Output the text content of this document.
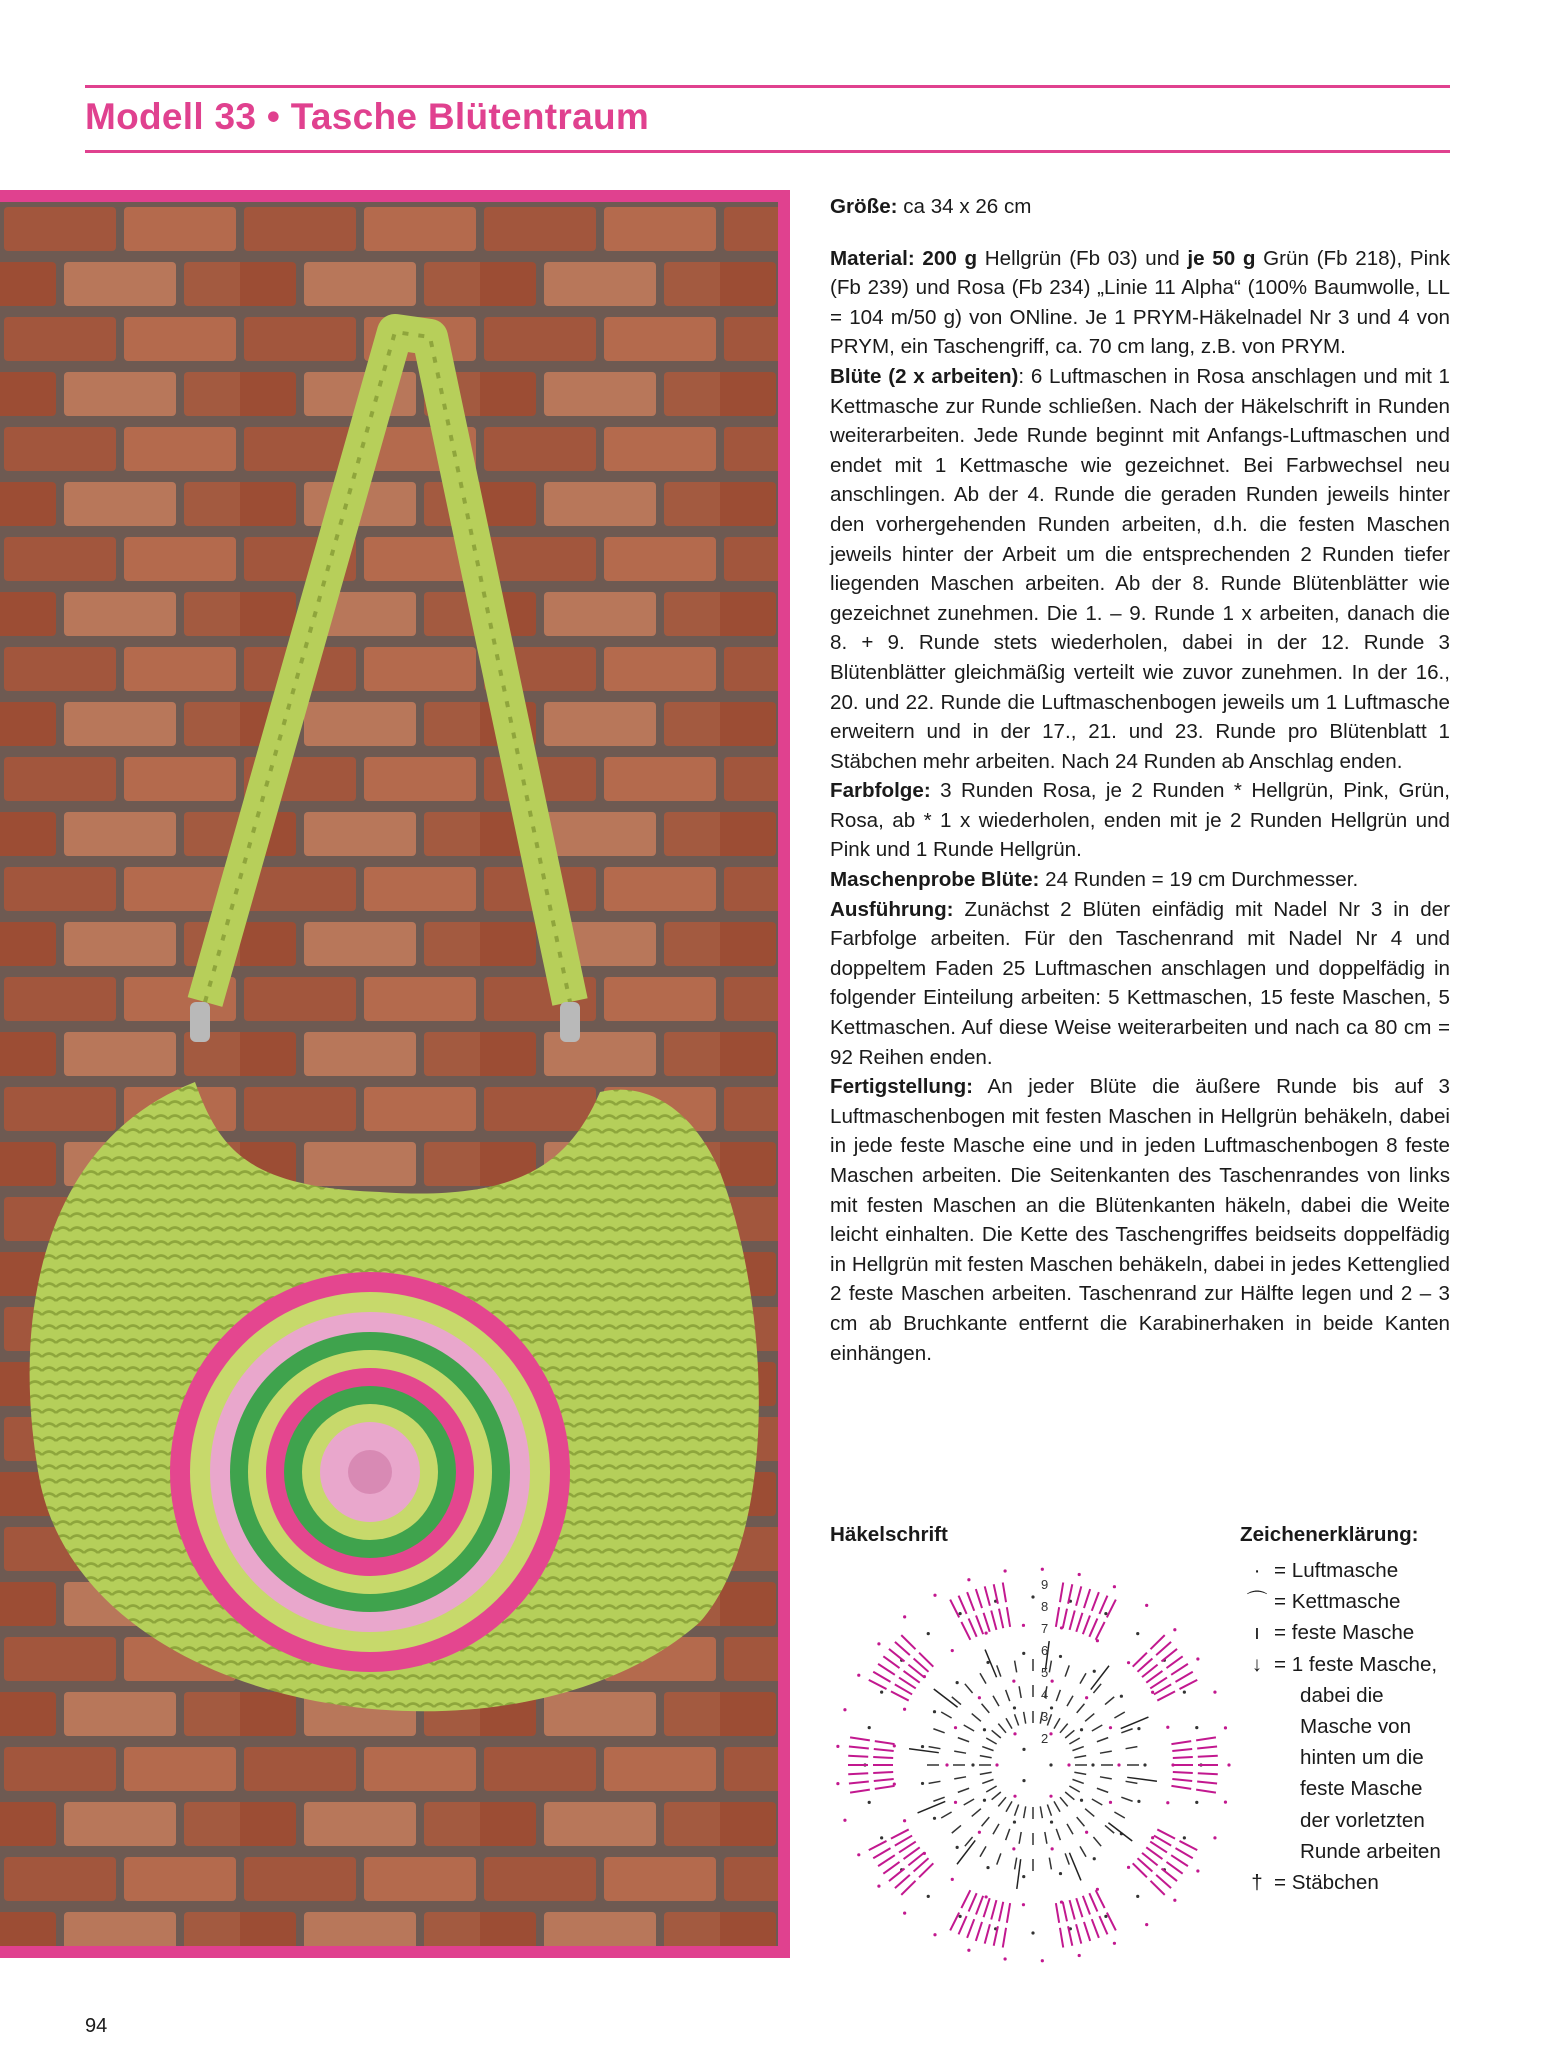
Modell 33 • Tasche Blütentraum

Größe: ca 34 x 26 cm

Material: 200 g Hellgrün (Fb 03) und je 50 g Grün (Fb 218), Pink (Fb 239) und Rosa (Fb 234) „Linie 11 Alpha“ (100% Baumwolle, LL = 104 m/50 g) von ONline. Je 1 PRYM-Häkelnadel Nr 3 und 4 von PRYM, ein Taschengriff, ca. 70 cm lang, z.B. von PRYM.

Blüte (2 x arbeiten): 6 Luftmaschen in Rosa anschlagen und mit 1 Kettmasche zur Runde schließen. Nach der Häkelschrift in Runden weiterarbeiten. Jede Runde beginnt mit Anfangs-Luftmaschen und endet mit 1 Kettmasche wie gezeichnet. Bei Farbwechsel neu anschlingen. Ab der 4. Runde die geraden Runden jeweils hinter den vorhergehenden Runden arbeiten, d.h. die festen Maschen jeweils hinter der Arbeit um die entsprechenden 2 Runden tiefer liegenden Maschen arbeiten. Ab der 8. Runde Blütenblätter wie gezeichnet zunehmen. Die 1. – 9. Runde 1 x arbeiten, danach die 8. + 9. Runde stets wiederholen, dabei in der 12. Runde 3 Blütenblätter gleichmäßig verteilt wie zuvor zunehmen. In der 16., 20. und 22. Runde die Luftmaschenbogen jeweils um 1 Luftmasche erweitern und in der 17., 21. und 23. Runde pro Blütenblatt 1 Stäbchen mehr arbeiten. Nach 24 Runden ab Anschlag enden.

Farbfolge: 3 Runden Rosa, je 2 Runden * Hellgrün, Pink, Grün, Rosa, ab * 1 x wiederholen, enden mit je 2 Runden Hellgrün und Pink und 1 Runde Hellgrün.

Maschenprobe Blüte: 24 Runden = 19 cm Durchmesser.

Ausführung: Zunächst 2 Blüten einfädig mit Nadel Nr 3 in der Farbfolge arbeiten. Für den Taschenrand mit Nadel Nr 4 und doppeltem Faden 25 Luftmaschen anschlagen und doppelfädig in folgender Einteilung arbeiten: 5 Kettmaschen, 15 feste Maschen, 5 Kettmaschen. Auf diese Weise weiterarbeiten und nach ca 80 cm = 92 Reihen enden.

Fertigstellung: An jeder Blüte die äußere Runde bis auf 3 Luftmaschenbogen mit festen Maschen in Hellgrün behäkeln, dabei in jede feste Masche eine und in jeden Luftmaschenbogen 8 feste Maschen arbeiten. Die Seitenkanten des Taschenrandes von links mit festen Maschen an die Blütenkanten häkeln, dabei die Weite leicht einhalten. Die Kette des Taschengriffes beidseits doppelfädig in Hellgrün mit festen Maschen behäkeln, dabei in jedes Kettenglied 2 feste Maschen arbeiten. Taschenrand zur Hälfte legen und 2 – 3 cm ab Bruchkante entfernt die Karabinerhaken in beide Kanten einhängen.

Häkelschrift
2
3
4
5
6
7
8
9
Zeichenerklärung:
· = Luftmasche
⌒ = Kettmasche
ı = feste Masche
↓ = 1 feste Masche,
dabei die
Masche von
hinten um die
feste Masche
der vorletzten
Runde arbeiten
† = Stäbchen
94
